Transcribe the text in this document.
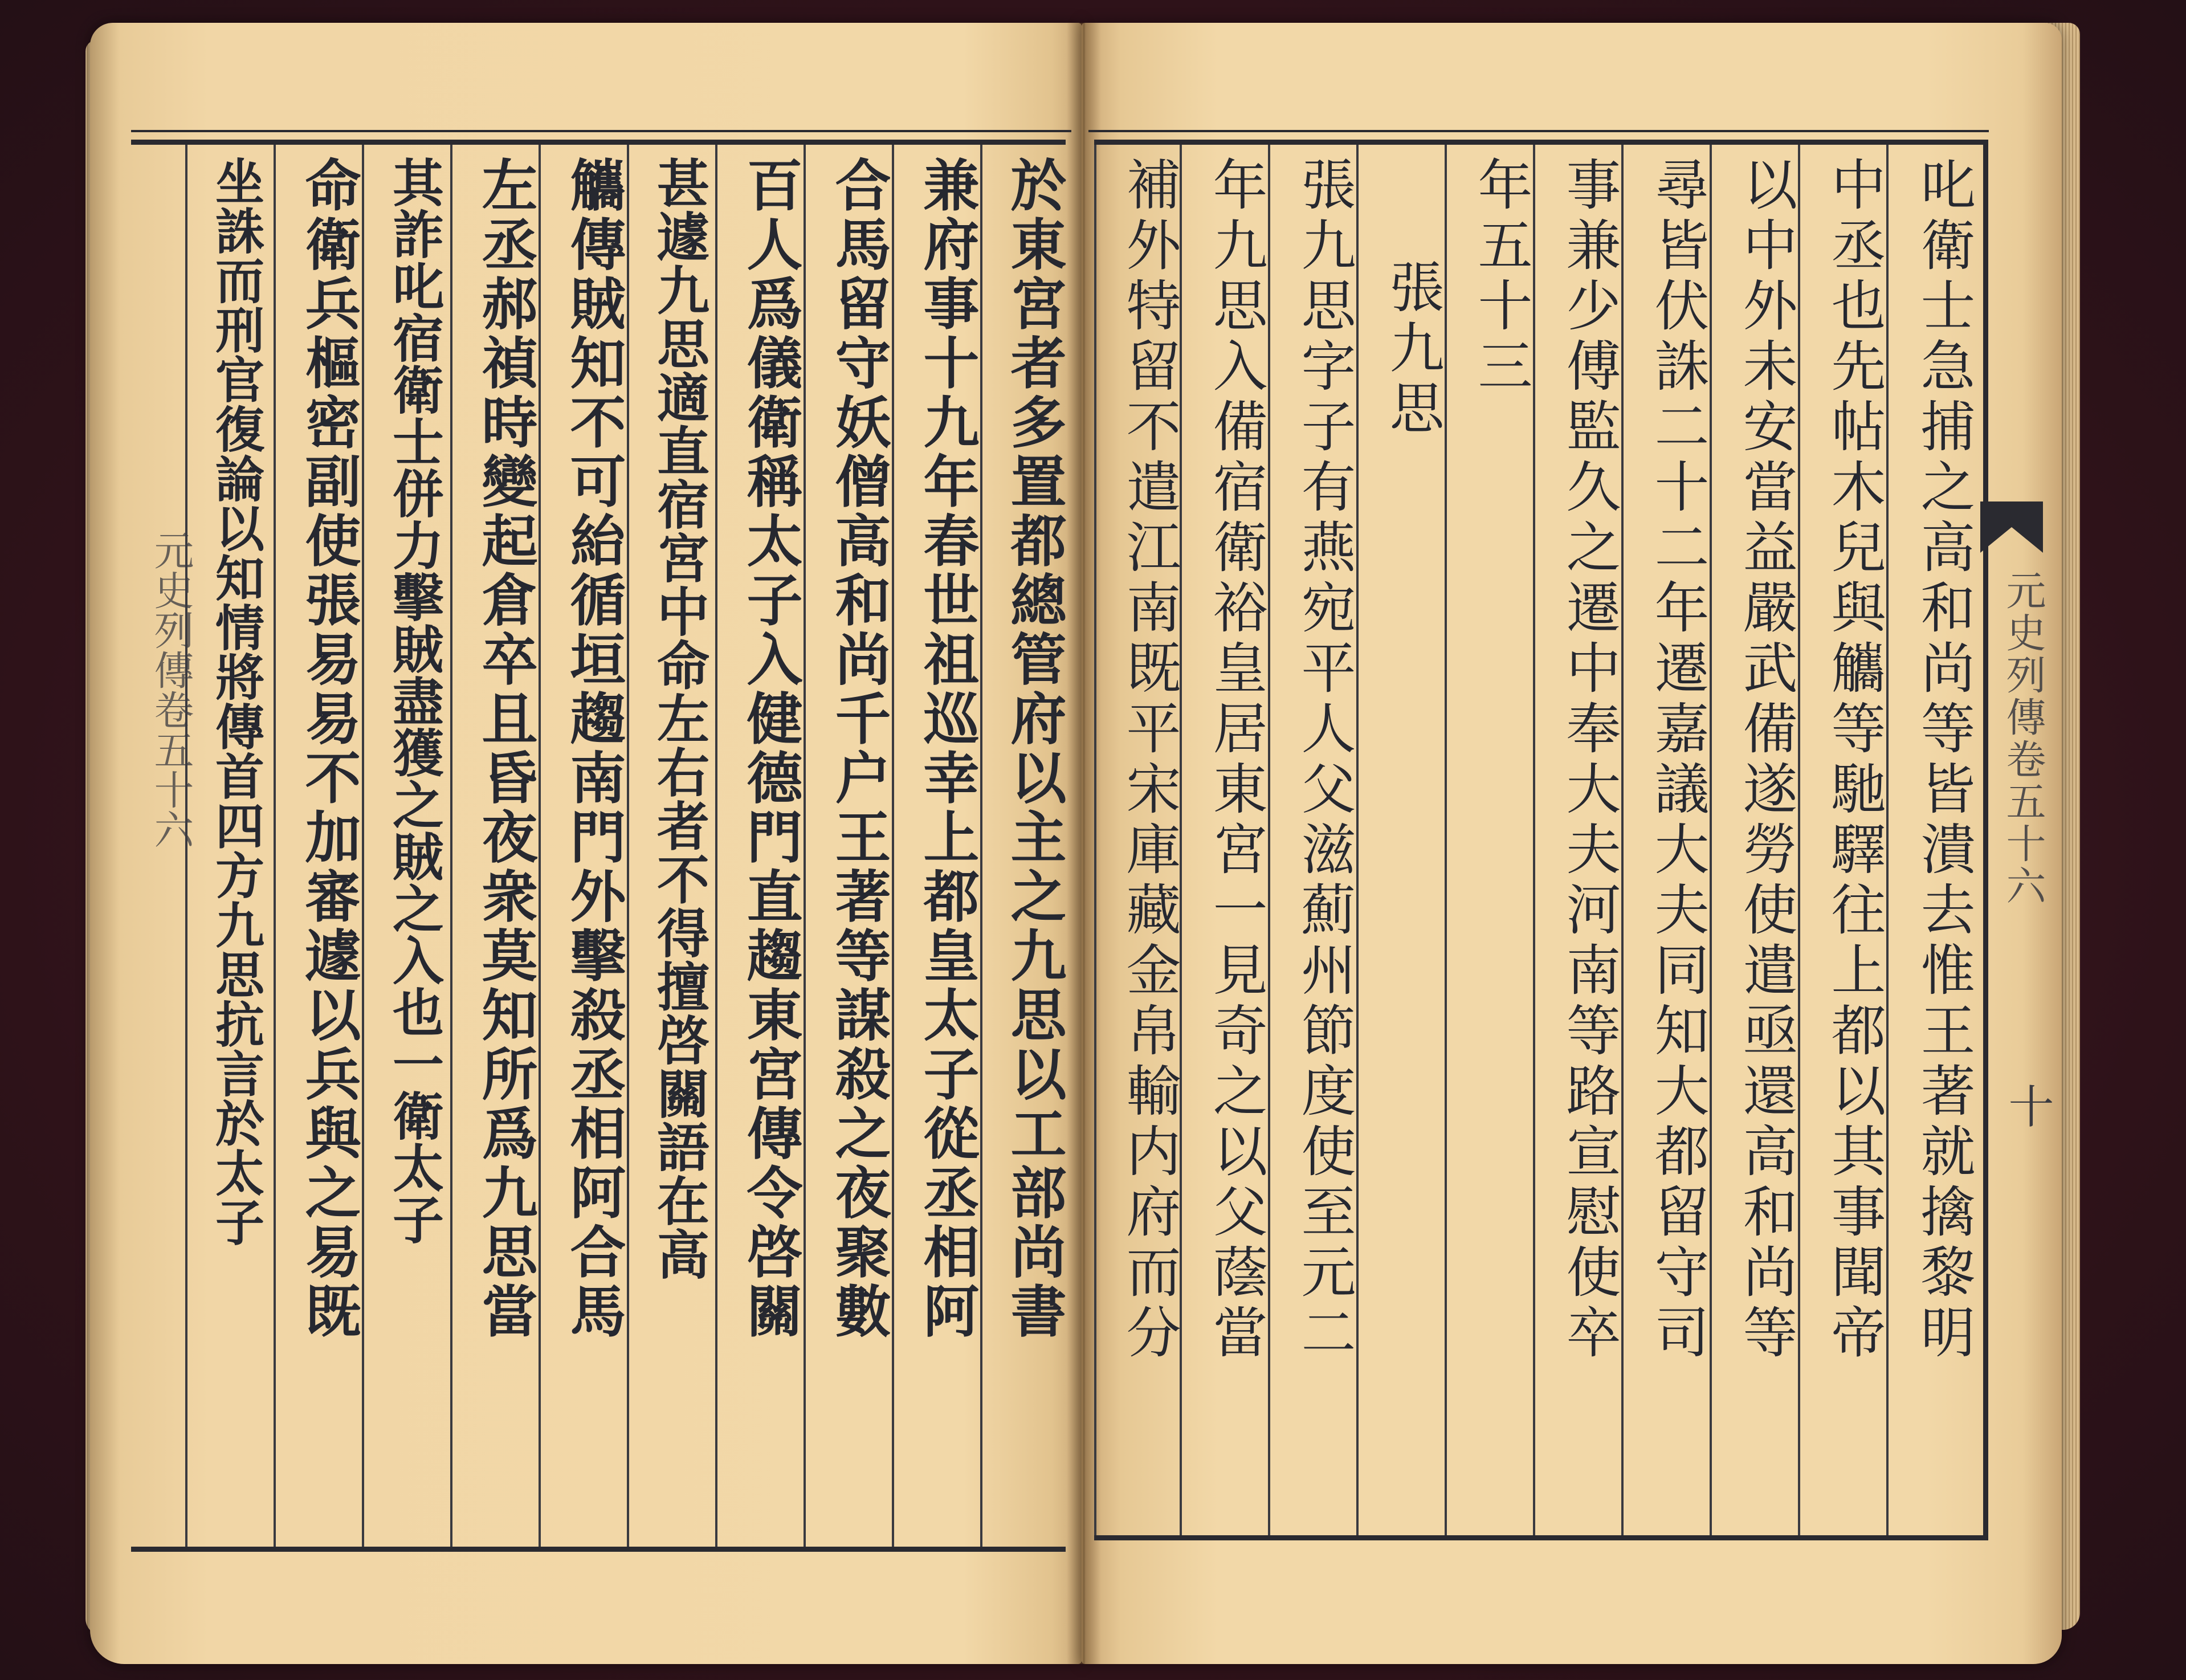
於東宮者多置都總管府以主之九思以工部尚書
兼府事十九年春世祖巡幸上都皇太子從丞相阿
合馬留守妖僧高和尚千户王著等謀殺之夜聚數
百人爲儀衛稱太子入健德門直趨東宮傳令啓關
甚遽九思適直宿宮中命左右者不得擅啓關語在高
觿傳賊知不可紿循垣趨南門外擊殺丞相阿合馬
左丞郝禎時變起倉卒且昏夜衆莫知所爲九思當
其詐叱宿衛士併力擊賊盡獲之賊之入也一衛太子
命衛兵樞密副使張易易不加審遽以兵與之易既
坐誅而刑官復論以知情將傳首四方九思抗言於太子
元史列傳卷五十六	叱衛士急捕之高和尚等皆潰去惟王著就擒黎明
中丞也先帖木兒與觿等馳驛往上都以其事聞帝
以中外未安當益嚴武備遂勞使遣亟還高和尚等
尋皆伏誅二十二年遷嘉議大夫同知大都留守司
事兼少傅監久之遷中奉大夫河南等路宣慰使卒
年五十三
張九思
張九思字子有燕宛平人父滋薊州節度使至元二
年九思入備宿衛裕皇居東宮一見奇之以父蔭當
補外特留不遣江南既平宋庫藏金帛輸内府而分	元史列傳卷五十六
十
